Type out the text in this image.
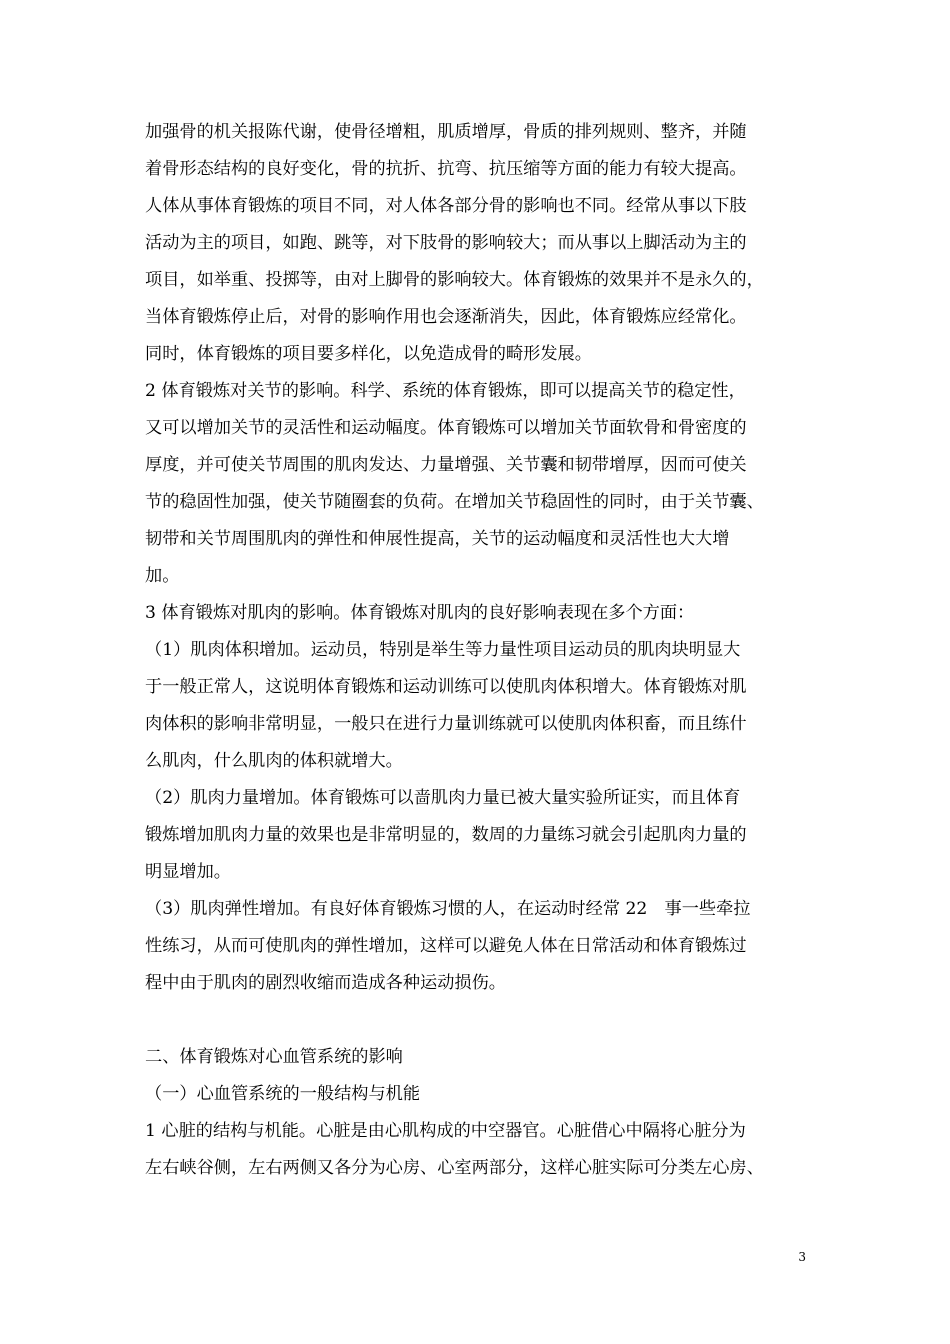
加强骨的机关报陈代谢，使骨径增粗，肌质增厚，骨质的排列规则、整齐，并随
着骨形态结构的良好变化，骨的抗折、抗弯、抗压缩等方面的能力有较大提高。
人体从事体育锻炼的项目不同，对人体各部分骨的影响也不同。经常从事以下肢
活动为主的项目，如跑、跳等，对下肢骨的影响较大；而从事以上脚活动为主的
项目，如举重、投掷等，由对上脚骨的影响较大。体育锻炼的效果并不是永久的，
当体育锻炼停止后，对骨的影响作用也会逐渐消失，因此，体育锻炼应经常化。
同时，体育锻炼的项目要多样化，以免造成骨的畸形发展。
2 体育锻炼对关节的影响。科学、系统的体育锻炼，即可以提高关节的稳定性，
又可以增加关节的灵活性和运动幅度。体育锻炼可以增加关节面软骨和骨密度的
厚度，并可使关节周围的肌肉发达、力量增强、关节囊和韧带增厚，因而可使关
节的稳固性加强，使关节随圈套的负荷。在增加关节稳固性的同时，由于关节囊、
韧带和关节周围肌肉的弹性和伸展性提高，关节的运动幅度和灵活性也大大增
加。
3 体育锻炼对肌肉的影响。体育锻炼对肌肉的良好影响表现在多个方面：
（1）肌肉体积增加。运动员，特别是举生等力量性项目运动员的肌肉块明显大
于一般正常人，这说明体育锻炼和运动训练可以使肌肉体积增大。体育锻炼对肌
肉体积的影响非常明显，一般只在进行力量训练就可以使肌肉体积畜，而且练什
么肌肉，什么肌肉的体积就增大。
（2）肌肉力量增加。体育锻炼可以啬肌肉力量已被大量实验所证实，而且体育
锻炼增加肌肉力量的效果也是非常明显的，数周的力量练习就会引起肌肉力量的
明显增加。
（3）肌肉弹性增加。有良好体育锻炼习惯的人，在运动时经常 22　事一些牵拉
性练习，从而可使肌肉的弹性增加，这样可以避免人体在日常活动和体育锻炼过
程中由于肌肉的剧烈收缩而造成各种运动损伤。
二、体育锻炼对心血管系统的影响
（一）心血管系统的一般结构与机能
1 心脏的结构与机能。心脏是由心肌构成的中空器官。心脏借心中隔将心脏分为
左右峡谷侧，左右两侧又各分为心房、心室两部分，这样心脏实际可分类左心房、
3
